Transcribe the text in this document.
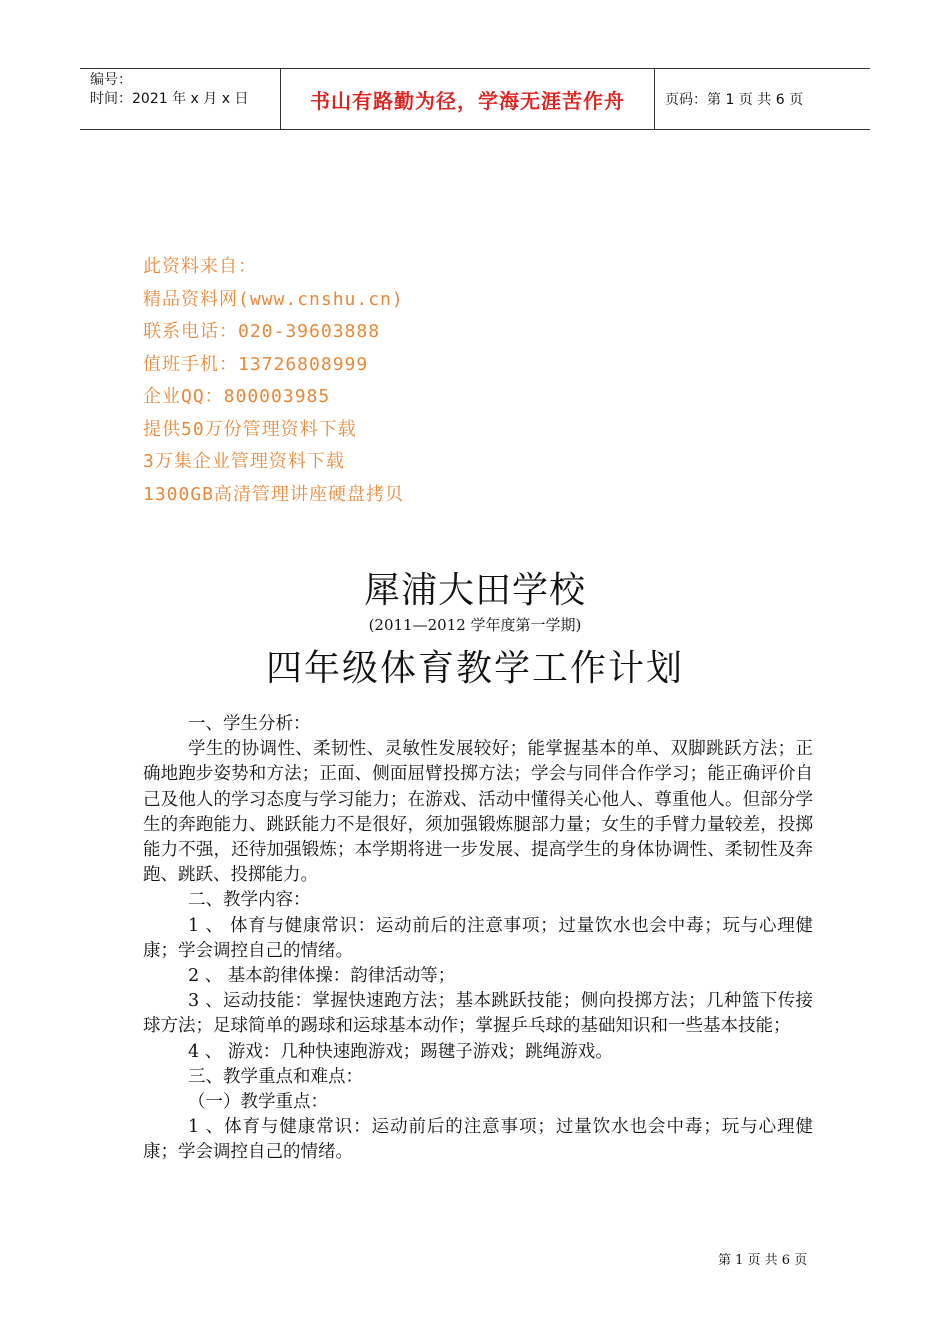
编号：
时间：2021 年 x 月 x 日	书山有路勤为径，学海无涯苦作舟	页码：第 1 页 共 6 页
此资料来自：
精品资料网(www.cnshu.cn)
联系电话：020-39603888
值班手机：13726808999
企业QQ：800003985
提供50万份管理资料下载
3万集企业管理资料下载
1300GB高清管理讲座硬盘拷贝
犀浦大田学校
(2011—2012 学年度第一学期)
四年级体育教学工作计划

一、学生分析：

学生的协调性、柔韧性、灵敏性发展较好；能掌握基本的单、双脚跳跃方法；正确地跑步姿势和方法；正面、侧面屈臂投掷方法；学会与同伴合作学习；能正确评价自己及他人的学习态度与学习能力；在游戏、活动中懂得关心他人、尊重他人。但部分学生的奔跑能力、跳跃能力不是很好，须加强锻炼腿部力量；女生的手臂力量较差，投掷能力不强，还待加强锻炼；本学期将进一步发展、提高学生的身体协调性、柔韧性及奔跑、跳跃、投掷能力。

二、教学内容：

1 、 体育与健康常识：运动前后的注意事项；过量饮水也会中毒；玩与心理健康；学会调控自己的情绪。

2 、 基本韵律体操：韵律活动等；

3 、运动技能：掌握快速跑方法；基本跳跃技能；侧向投掷方法；几种篮下传接球方法；足球简单的踢球和运球基本动作；掌握乒乓球的基础知识和一些基本技能；

4 、 游戏：几种快速跑游戏；踢毽子游戏；跳绳游戏。

三、教学重点和难点：

（一）教学重点：

1 、体育与健康常识：运动前后的注意事项；过量饮水也会中毒；玩与心理健康；学会调控自己的情绪。

第 1 页 共 6 页
